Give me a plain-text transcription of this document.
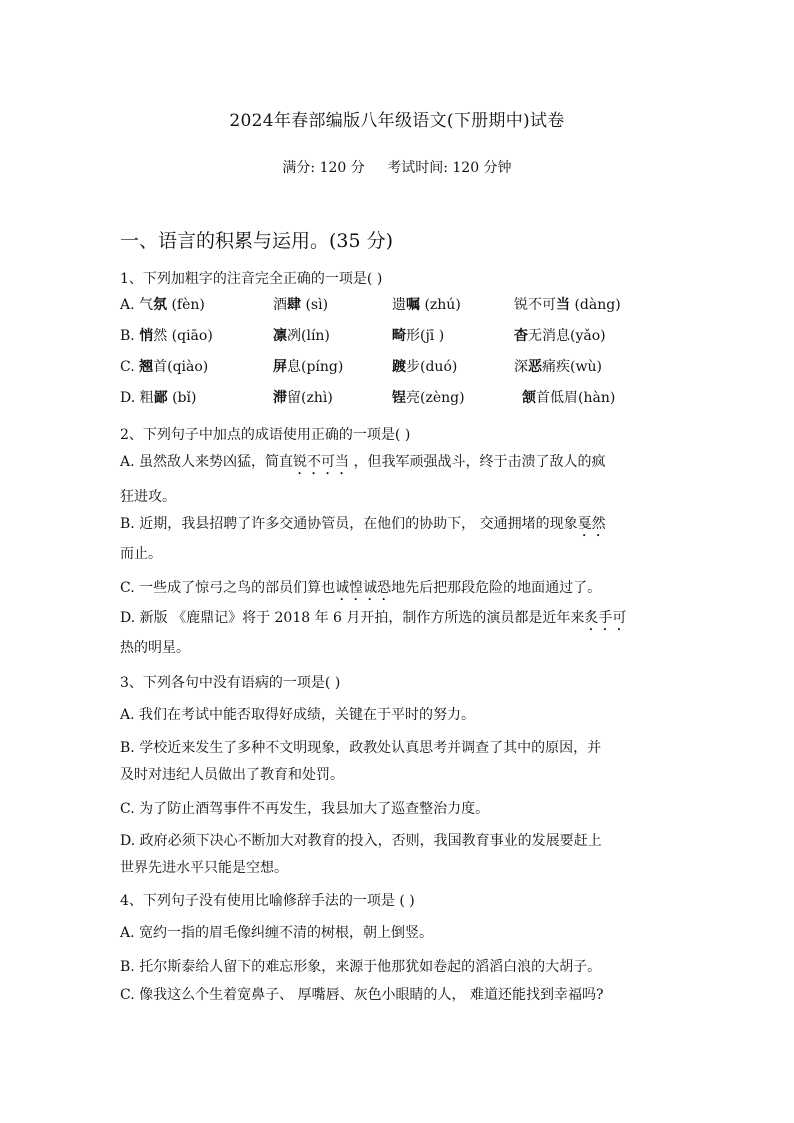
2024年春部编版八年级语文(下册期中)试卷
满分: 120 分 考试时间: 120 分钟
一、语言的积累与运用。(35 分)
1、下列加粗字的注音完全正确的一项是( )
A. 气氛 (fèn)	酒肆 (sì)	遗嘱 (zhú)	锐不可当 (dàng)
B. 悄然 (qiāo)	凛冽(lín)	畸形(jī )	杳无消息(yǎo)
C. 翘首(qiào)	屏息(píng)	踱步(duó)	深恶痛疾(wù)
D. 粗鄙 (bǐ)	滞留(zhì)	锃亮(zèng)	颔首低眉(hàn)
2、下列句子中加点的成语使用正确的一项是( )
A. 虽然敌人来势凶猛，简直锐不可当 ，但我军顽强战斗，终于击溃了敌人的疯
狂进攻。
B. 近期，我县招聘了许多交通协管员，在他们的协助下， 交通拥堵的现象戛然
而止。
C. 一些成了惊弓之鸟的部员们算也诚惶诚恐地先后把那段危险的地面通过了。
D. 新版 《鹿鼎记》将于 2018 年 6 月开拍，制作方所选的演员都是近年来炙手可
热的明星。
3、下列各句中没有语病的一项是( )
A. 我们在考试中能否取得好成绩，关键在于平时的努力。
B. 学校近来发生了多种不文明现象，政教处认真思考并调查了其中的原因，并
及时对违纪人员做出了教育和处罚。
C. 为了防止酒驾事件不再发生，我县加大了巡查整治力度。
D. 政府必须下决心不断加大对教育的投入，否则，我国教育事业的发展要赶上
世界先进水平只能是空想。
4、下列句子没有使用比喻修辞手法的一项是 ( )
A. 宽约一指的眉毛像纠缠不清的树根，朝上倒竖。
B. 托尔斯泰给人留下的难忘形象，来源于他那犹如卷起的滔滔白浪的大胡子。
C. 像我这么个生着宽鼻子、 厚嘴唇、灰色小眼睛的人， 难道还能找到幸福吗?
